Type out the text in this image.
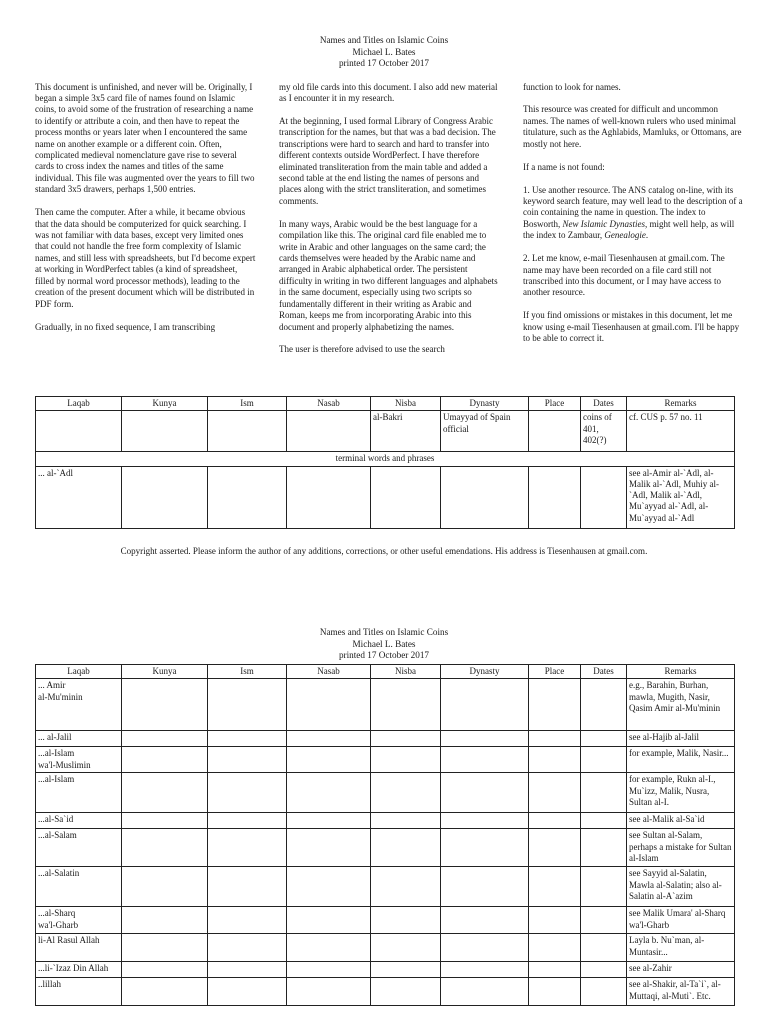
Names and Titles on Islamic Coins
Michael L. Bates
printed 17 October 2017

This document is unfinished, and never will be. Originally, I began a simple 3x5 card file of names found on Islamic coins, to avoid some of the frustration of researching a name to identify or attribute a coin, and then have to repeat the process months or years later when I encountered the same name on another example or a different coin. Often, complicated medieval nomenclature gave rise to several cards to cross index the names and titles of the same individual. This file was augmented over the years to fill two standard 3x5 drawers, perhaps 1,500 entries.

Then came the computer. After a while, it became obvious that the data should be computerized for quick searching. I was not familiar with data bases, except very limited ones that could not handle the free form complexity of Islamic names, and still less with spreadsheets, but I'd become expert at working in WordPerfect tables (a kind of spreadsheet, filled by normal word processor methods), leading to the creation of the present document which will be distributed in PDF form.

Gradually, in no fixed sequence, I am transcribing

my old file cards into this document. I also add new material as I encounter it in my research.

At the beginning, I used formal Library of Congress Arabic transcription for the names, but that was a bad decision. The transcriptions were hard to search and hard to transfer into different contexts outside WordPerfect. I have therefore eliminated transliteration from the main table and added a second table at the end listing the names of persons and places along with the strict transliteration, and sometimes comments.

In many ways, Arabic would be the best language for a compilation like this. The original card file enabled me to write in Arabic and other languages on the same card; the cards themselves were headed by the Arabic name and arranged in Arabic alphabetical order. The persistent difficulty in writing in two different languages and alphabets in the same document, especially using two scripts so fundamentally different in their writing as Arabic and Roman, keeps me from incorporating Arabic into this document and properly alphabetizing the names.

The user is therefore advised to use the search

function to look for names.

This resource was created for difficult and uncommon names. The names of well-known rulers who used minimal titulature, such as the Aghlabids, Mamluks, or Ottomans, are mostly not here.

If a name is not found:

1. Use another resource. The ANS catalog on-line, with its keyword search feature, may well lead to the description of a coin containing the name in question. The index to Bosworth, New Islamic Dynasties, might well help, as will the index to Zambaur, Genealogie.

2. Let me know, e-mail Tiesenhausen at gmail.com. The name may have been recorded on a file card still not transcribed into this document, or I may have access to another resource.

If you find omissions or mistakes in this document, let me know using e-mail Tiesenhausen at gmail.com. I'll be happy to be able to correct it.

Laqab	Kunya	Ism	Nasab	Nisba	Dynasty	Place	Dates	Remarks
				al-Bakri	Umayyad of Spain official		coins of 401, 402(?)	cf. CUS p. 57 no. 11
terminal words and phrases								
... al-`Adl								see al-Amir al-`Adl, al-Malik al-`Adl, Muhiy al-`Adl, Malik al-`Adl, Mu`ayyad al-`Adl, al-Mu`ayyad al-`Adl
Copyright asserted. Please inform the author of any additions, corrections, or other useful emendations. His address is Tiesenhausen at gmail.com.
Names and Titles on Islamic Coins
Michael L. Bates
printed 17 October 2017
Laqab	Kunya	Ism	Nasab	Nisba	Dynasty	Place	Dates	Remarks
... Amir
al-Mu'minin								e.g., Barahin, Burhan, mawla, Mugith, Nasir, Qasim Amir al-Mu'minin
... al-Jalil								see al-Hajib al-Jalil
...al-Islam
wa'l-Muslimin								for example, Malik, Nasir...
...al-Islam								for example, Rukn al-I., Mu`izz, Malik, Nusra, Sultan al-I.
...al-Sa`id								see al-Malik al-Sa`id
...al-Salam								see Sultan al-Salam, perhaps a mistake for Sultan al-Islam
...al-Salatin								see Sayyid al-Salatin, Mawla al-Salatin; also al-Salatin al-A`azim
...al-Sharq
wa'l-Gharb								see Malik Umara' al-Sharq wa'l-Gharb
li-Al Rasul Allah								Layla b. Nu`man, al-Muntasir...
...li-`Izaz Din Allah								see al-Zahir
..lillah								see al-Shakir, al-Ta`i`, al-Muttaqi, al-Muti`. Etc.
